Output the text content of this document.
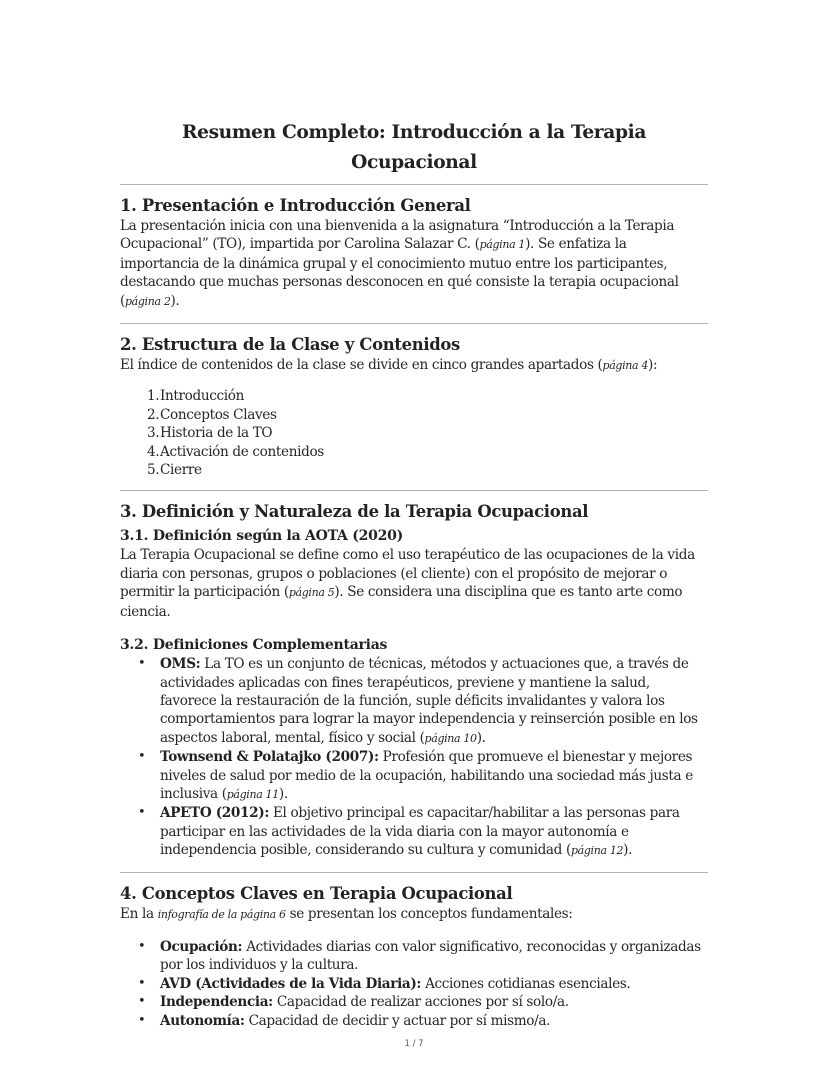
Resumen Completo: Introducción a la Terapia Ocupacional
1. Presentación e Introducción General

La presentación inicia con una bienvenida a la asignatura “Introducción a la Terapia Ocupacional” (TO), impartida por Carolina Salazar C. (página 1). Se enfatiza la importancia de la dinámica grupal y el conocimiento mutuo entre los participantes, destacando que muchas personas desconocen en qué consiste la terapia ocupacional (página 2).

2. Estructura de la Clase y Contenidos

El índice de contenidos de la clase se divide en cinco grandes apartados (página 4):

1. Introducción
2. Conceptos Claves
3. Historia de la TO
4. Activación de contenidos
5. Cierre
3. Definición y Naturaleza de la Terapia Ocupacional
3.1. Definición según la AOTA (2020)

La Terapia Ocupacional se define como el uso terapéutico de las ocupaciones de la vida diaria con personas, grupos o poblaciones (el cliente) con el propósito de mejorar o permitir la participación (página 5). Se considera una disciplina que es tanto arte como ciencia.

3.2. Definiciones Complementarias
• OMS: La TO es un conjunto de técnicas, métodos y actuaciones que, a través de actividades aplicadas con fines terapéuticos, previene y mantiene la salud, favorece la restauración de la función, suple déficits invalidantes y valora los comportamientos para lograr la mayor independencia y reinserción posible en los aspectos laboral, mental, físico y social (página 10).
• Townsend & Polatajko (2007): Profesión que promueve el bienestar y mejores niveles de salud por medio de la ocupación, habilitando una sociedad más justa e inclusiva (página 11).
• APETO (2012): El objetivo principal es capacitar/habilitar a las personas para participar en las actividades de la vida diaria con la mayor autonomía e independencia posible, considerando su cultura y comunidad (página 12).
4. Conceptos Claves en Terapia Ocupacional

En la infografía de la página 6 se presentan los conceptos fundamentales:

• Ocupación: Actividades diarias con valor significativo, reconocidas y organizadas por los individuos y la cultura.
• AVD (Actividades de la Vida Diaria): Acciones cotidianas esenciales.
• Independencia: Capacidad de realizar acciones por sí solo/a.
• Autonomía: Capacidad de decidir y actuar por sí mismo/a.
1 / 7
